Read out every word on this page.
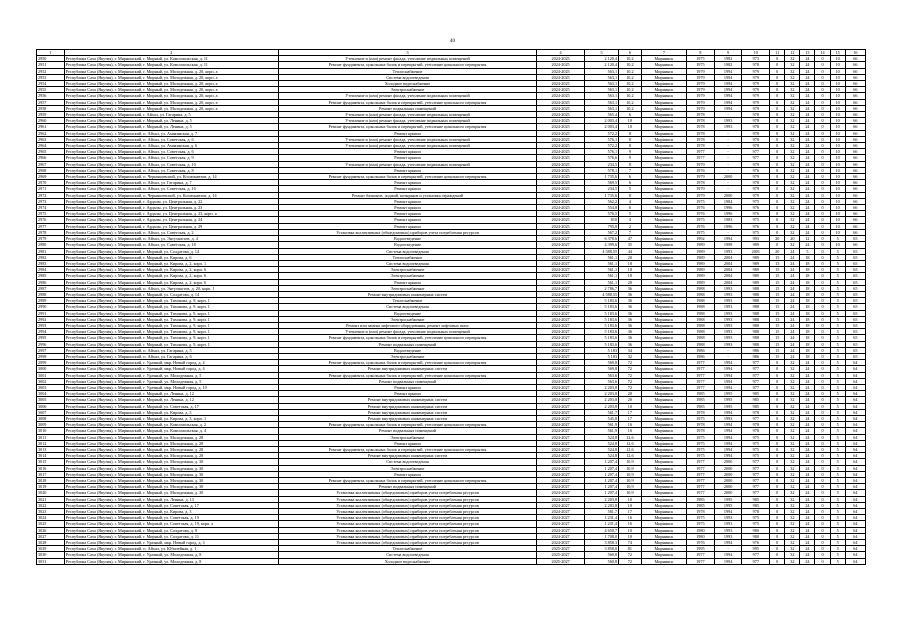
40
1	2	3	4	5	6	7	8	9	10	11	12	13	14	15	16
2950	Республика Саха (Якутия), г. Мирнинский, г. Мирный, ул. Комсомольская, д. 11	Утепление и (или) ремонт фасада, утепление подвальных помещений	2024-2025	2 120,4	10,2	Мирнинск	1975	1982	973	0	32	24	0	10	66
2951	Республика Саха (Якутия), г. Мирнинский, г. Мирный, ул. Комсомольская, д. 11	Ремонт фундамента, цокольных балок и перекрытий, утепление цокольного перекрытия	2024-2025	2 120,4	10,2	Мирнинск	1975	1982	978	0	32	24	0	10	66
2952	Республика Саха (Якутия), г. Мирнинский, г. Мирный, ул. Молодежная, д. 20, корп. а	Теплоснабжение	2024-2025	563,1	10,2	Мирнинск	1979	1994	979	0	32	24	0	10	66
2953	Республика Саха (Якутия), г. Мирнинский, г. Мирный, ул. Молодежная, д. 20, корп. а	Система водоотведения	2024-2025	563,1	10,2	Мирнинск	1979	1994	979	0	32	24	0	10	66
2954	Республика Саха (Якутия), г. Мирнинский, г. Мирный, ул. Молодежная, д. 20, корп. а	Холодное водоснабжение	2024-2025	563,1	10,2	Мирнинск	1979	1994	979	0	32	24	0	10	66
2955	Республика Саха (Якутия), г. Мирнинский, г. Мирный, ул. Молодежная, д. 20, корп. а	Электроснабжение	2024-2025	563,1	10,2	Мирнинск	1979	1994	979	0	32	24	0	10	66
2956	Республика Саха (Якутия), г. Мирнинский, г. Мирный, ул. Молодежная, д. 20, корп. а	Утепление и (или) ремонт фасада, утепление подвальных помещений	2024-2025	563,1	10,2	Мирнинск	1979	1994	979	0	32	24	0	10	66
2957	Республика Саха (Якутия), г. Мирнинский, г. Мирный, ул. Молодежная, д. 20, корп. а	Ремонт фундамента, цокольных балок и перекрытий, утепление цокольного перекрытия	2024-2025	563,1	10,2	Мирнинск	1979	1994	979	0	32	24	0	10	66
2958	Республика Саха (Якутия), г. Мирнинский, г. Мирный, ул. Молодежная, д. 20, корп. а	Ремонт подвальных помещений	2024-2025	563,1	10,2	Мирнинск	1979	1994	979	0	32	24	0	10	66
2959	Республика Саха (Якутия), г. Мирнинский, г. Айхал, ул. Гагарина, д. 5	Утепление и (или) ремонт фасада, утепление подвальных помещений	2024-2025	565,4	6	Мирнинск	1978	-	978	0	32	24	0	10	66
2960	Республика Саха (Якутия), г. Мирнинский, г. Мирный, ул. Ленина, д. 5	Утепление и (или) ремонт фасада, утепление подвальных помещений	2024-2025	2 003,4	10	Мирнинск	1978	1993	978	0	32	24	0	10	66
2961	Республика Саха (Якутия), г. Мирнинский, г. Мирный, ул. Ленина, д. 5	Ремонт фундамента, цокольных балок и перекрытий, утепление цокольного перекрытия	2024-2025	2 003,4	10	Мирнинск	1978	1993	978	0	32	24	0	10	66
2962	Республика Саха (Якутия), г. Мирнинский, п. Айхал, ул. Амакинская, д. 7	Ремонт крыши	2024-2025	572,2	8	Мирнинск	1978	-	978	0	32	24	0	10	66
2963	Республика Саха (Якутия), г. Мирнинский, п. Айхал, ул. Советская, д. 6	Утепление и (или) ремонт фасада, утепление подвальных помещений	2024-2025	576,1	8	Мирнинск	1978	-	978	0	32	24	0	10	66
2964	Республика Саха (Якутия), г. Мирнинский, п. Айхал, ул. Амакинская, д. 6	Утепление и (или) ремонт фасада, утепление подвальных помещений	2024-2025	572,2	8	Мирнинск	1978	-	978	0	32	24	0	10	66
2965	Республика Саха (Якутия), г. Мирнинский, п. Айхал, ул. Советская, д. 6	Ремонт крыши	2024-2025	576,1	9	Мирнинск	1977	-	977	0	32	24	0	10	66
2966	Республика Саха (Якутия), г. Мирнинский, п. Айхал, ул. Советская, д. 9	Ремонт крыши	2024-2025	576,6	9	Мирнинск	1977	-	977	0	32	24	0	10	66
2967	Республика Саха (Якутия), г. Мирнинский, п. Айхал, ул. Советская, д. 10	Утепление и (или) ремонт фасада, утепление подвальных помещений	2024-2025	234,5	8	Мирнинск	1979	-	979	0	32	24	0	10	66
2968	Республика Саха (Якутия), г. Мирнинский, п. Айхал, ул. Советская, д. 8	Ремонт крыши	2024-2025	578,1	7	Мирнинск	1976	-	976	0	32	24	0	10	66
2969	Республика Саха (Якутия), г. Мирнинский, п. Чернышевский, ул. Космонавтов, д. 14	Ремонт фундамента, цокольных балок и перекрытий, утепление цокольного перекрытия	2024-2025	1 735,6	6	Мирнинск	1979	2000	979	0	32	24	0	10	66
2970	Республика Саха (Якутия), г. Мирнинский, п. Айхал, ул. Гагарина, д. 7	Ремонт крыши	2024-2025	569,5	6	Мирнинск	1978	-	978	0	32	24	0	10	66
2971	Республика Саха (Якутия), г. Мирнинский, п. Айхал, ул. Советская, д. 16	Ремонт крыши	2024-2025	234,5	5	Мирнинск	1979	-	979	0	32	24	0	10	66
2972	Республика Саха (Якутия), г. Мирнинский, п. Чернышевский, ул. Космонавтов, д. 14	Ремонт балконов, лоджий, козырьков и установка ограждений	2024-2025	1 735,6	8	Мирнинск	1979	2000	979	0	32	24	0	10	66
2973	Республика Саха (Якутия), г. Мирнинский, г. Ардалы, ул. Центральная, д. 22	Ремонт крыши	2024-2025	562,2	4	Мирнинск	1975	1984	975	0	32	24	0	10	66
2974	Республика Саха (Якутия), г. Мирнинский, г. Ардалы, ул. Центральная, д. 23	Ремонт крыши	2024-2025	554,8	6	Мирнинск	1976	1996	976	0	32	24	0	10	66
2975	Республика Саха (Якутия), г. Мирнинский, г. Ардалы, ул. Центральная, д. 23, корп. а	Ремонт крыши	2024-2025	576,5	5	Мирнинск	1976	1996	976	0	32	24	0	10	66
2976	Республика Саха (Якутия), г. Мирнинский, г. Ардалы, ул. Центральная, д. 24	Ремонт крыши	2024-2025	810	4	Мирнинск	1975	1983	975	0	32	24	0	10	66
2977	Республика Саха (Якутия), г. Мирнинский, г. Ардалы, ул. Центральная, д. 29	Ремонт крыши	2024-2025	795,8	2	Мирнинск	1976	1996	976	0	32	24	0	10	66
2978	Республика Саха (Якутия), г. Мирнинский, п. Айхал, ул. Советская, д. 2	Установка коллективных (общедомовых) приборов учета потребления ресурсов	2024-2025	567,2	7	Мирнинск	1975	-	975	0	32	24	0	10	66
2979	Республика Саха (Якутия), г. Мирнинский, п. Айхал, ул. Энтузиастов, д. 4	Водоотведение	2024-2027	6 378,6	47	Мирнинск	1992	1994	993	20	20	12	0	5	65
2980	Республика Саха (Якутия), г. Мирнинский, п. Айхал, ул. Советская, д. 18	Водоотведение	2024-2027	4 399,6	35	Мирнинск	1989	1998	989	0	32	24	0	10	66
2981	Республика Саха (Якутия), г. Мирнинский, г. Мирный, ул. Солдатова, д. 14	Система водоотведения	2024-2027	4 588,55	44	Мирнинск	1989	1993	2001	20	24	5	0	5	65
2982	Республика Саха (Якутия), г. Мирнинский, г. Мирный, ул. Кирова, д. 6	Теплоснабжение	2024-2027	561,1	20	Мирнинск	1989	2004	989	15	24	18	0	5	65
2983	Республика Саха (Якутия), г. Мирнинский, г. Мирный, ул. Кирова, д. 2, корп. 1	Система водоотведения	2024-2027	561,1	18	Мирнинск	1989	2004	989	15	24	18	0	5	65
2984	Республика Саха (Якутия), г. Мирнинский, г. Мирный, ул. Кирова, д. 2, корп. 6	Электроснабжение	2024-2027	561,1	18	Мирнинск	1989	2004	989	15	24	18	0	5	65
2985	Республика Саха (Якутия), г. Мирнинский, г. Мирный, ул. Кирова, д. 2, корп. 6	Электроснабжение	2024-2027	561,1	18	Мирнинск	1989	2004	989	15	24	18	0	5	65
2986	Республика Саха (Якутия), г. Мирнинский, г. Мирный, ул. Кирова, д. 2, корп. 6	Ремонт крыши	2024-2027	561,1	20	Мирнинск	1989	2004	989	15	24	18	0	5	65
2987	Республика Саха (Якутия), г. Мирнинский, п. Айхал, ул. Энтузиастов, д. 20, корп. 1	Электроснабжение	2024-2027	2 786,7	36	Мирнинск	1988	1993	988	15	24	18	0	5	65
2988	Республика Саха (Якутия), г. Мирнинский, г. Мирный, ул. Солдатова, д. 14	Ремонт внутридомовых инженерных систем	2024-2027	4 588,55	36	Мирнинск	1988	1993	988	15	24	18	0	5	65
2989	Республика Саха (Якутия), г. Мирнинский, г. Мирный, ул. Тихонова, д. 9, корп. 1	Теплоснабжение	2024-2027	5 183,6	36	Мирнинск	1988	1993	988	15	24	18	0	5	65
2990	Республика Саха (Якутия), г. Мирнинский, г. Мирный, ул. Тихонова, д. 9, корп. 1	Система водоотведения	2024-2027	5 183,6	36	Мирнинск	1988	1993	988	15	24	18	0	5	65
2991	Республика Саха (Якутия), г. Мирнинский, г. Мирный, ул. Тихонова, д. 9, корп. 1	Водоотведение	2024-2027	5 183,6	36	Мирнинск	1988	1993	988	15	24	18	0	5	65
2992	Республика Саха (Якутия), г. Мирнинский, г. Мирный, ул. Тихонова, д. 9, корп. 1	Электроснабжение	2024-2027	5 183,6	36	Мирнинск	1988	1993	988	15	24	18	0	5	65
2993	Республика Саха (Якутия), г. Мирнинский, г. Мирный, ул. Тихонова, д. 9, корп. 1	Ремонт или замена лифтового оборудования, ремонт лифтовых шахт	2024-2027	5 183,6	36	Мирнинск	1988	1993	988	15	24	18	0	5	65
2994	Республика Саха (Якутия), г. Мирнинский, г. Мирный, ул. Тихонова, д. 9, корп. 1	Утепление и (или) ремонт фасада, утепление подвальных помещений	2024-2027	5 183,6	36	Мирнинск	1988	1993	988	15	24	18	0	5	65
2995	Республика Саха (Якутия), г. Мирнинский, г. Мирный, ул. Тихонова, д. 9, корп. 1	Ремонт фундамента, цокольных балок и перекрытий, утепление цокольного перекрытия	2024-2027	5 183,6	36	Мирнинск	1988	1993	988	15	24	18	0	5	65
2996	Республика Саха (Якутия), г. Мирнинский, г. Мирный, ул. Тихонова, д. 9, корп. 1	Ремонт подвальных помещений	2024-2027	5 183,6	36	Мирнинск	1988	1993	988	15	24	18	0	5	65
2997	Республика Саха (Якутия), г. Мирнинский, п. Айхал, ул. Гагарина, д. 5	Водоотведение	2024-2027	5 183	34	Мирнинск	1986	-	986	15	24	18	0	5	65
2998	Республика Саха (Якутия), г. Мирнинский, п. Айхал, ул. Гагарина, д. 6	Электроснабжение	2024-2027	5 183	32	Мирнинск	1986	-	986	15	24	18	0	5	65
2999	Республика Саха (Якутия), г. Мирнинский, г. Удачный, мкр. Новый город, д. 4	Ремонт фундамента, цокольных балок и перекрытий, утепление цокольного перекрытия	2024-2027	569,8	72	Мирнинск	1977	1994	977	0	32	24	0	5	64
3000	Республика Саха (Якутия), г. Мирнинский, г. Удачный, мкр. Новый город, д. 4	Ремонт внутридомовых инженерных систем	2024-2027	569,8	72	Мирнинск	1977	1994	977	0	32	24	0	5	64
3001	Республика Саха (Якутия), г. Мирнинский, г. Удачный, ул. Молодежная, д. 5	Ремонт фундамента, цокольных балок и перекрытий, утепление цокольного перекрытия	2024-2027	563,6	72	Мирнинск	1977	1994	977	0	32	24	0	5	64
3002	Республика Саха (Якутия), г. Мирнинский, г. Удачный, ул. Молодежная, д. 5	Ремонт подвальных помещений	2024-2027	563,6	72	Мирнинск	1977	1994	977	0	32	24	0	5	64
3003	Республика Саха (Якутия), г. Мирнинский, г. Удачный, мкр. Новый город, д. 10	Ремонт крыши	2024-2027	2 203,8	72	Мирнинск	1977	1994	977	0	32	24	0	5	64
3004	Республика Саха (Якутия), г. Мирнинский, г. Мирный, ул. Ленина, д. 12	Ремонт крыши	2024-2027	2 203,8	20	Мирнинск	1985	1995	985	0	32	24	0	5	64
3005	Республика Саха (Якутия), г. Мирнинский, г. Мирный, ул. Ленина, д. 12	Ремонт внутридомовых инженерных систем	2024-2027	2 203,8	20	Мирнинск	1985	1995	985	0	32	24	0	5	64
3006	Республика Саха (Якутия), г. Мирнинский, г. Мирный, ул. Советская, д. 17	Ремонт внутридомовых инженерных систем	2024-2027	2 203,8	10	Мирнинск	1985	1995	985	0	32	24	0	5	64
3007	Республика Саха (Якутия), г. Мирнинский, г. Мирный, ул. Кирова, д. 3	Ремонт внутридомовых инженерных систем	2024-2027	561,7	17	Мирнинск	1978	1994	978	0	32	24	0	5	64
3008	Республика Саха (Якутия), г. Мирнинский, г. Мирный, ул. Кирова, д. 3, корп. 1	Ремонт внутридомовых инженерных систем	2024-2027	545,8	17	Мирнинск	1975	1993	977	0	32	24	0	5	64
3009	Республика Саха (Якутия), г. Мирнинский, г. Мирный, ул. Комсомольская, д. 2	Ремонт фундамента, цокольных балок и перекрытий, утепление цокольного перекрытия	2024-2027	561,9	16	Мирнинск	1978	1994	978	0	32	24	0	5	64
3010	Республика Саха (Якутия), г. Мирнинский, г. Мирный, ул. Комсомольская, д. 4	Ремонт подвальных помещений	2024-2027	561,9	16	Мирнинск	1978	1994	978	0	32	24	0	5	64
3011	Республика Саха (Якутия), г. Мирнинский, г. Мирный, ул. Молодежная, д. 28	Электроснабжение	2024-2027	524,8	12,6	Мирнинск	1975	1994	975	0	32	24	0	5	64
3012	Республика Саха (Якутия), г. Мирнинский, г. Мирный, ул. Молодежная, д. 28	Ремонт крыши	2024-2027	524,8	12,6	Мирнинск	1975	1994	975	0	32	24	0	5	64
3013	Республика Саха (Якутия), г. Мирнинский, г. Мирный, ул. Молодежная, д. 28	Ремонт фундамента, цокольных балок и перекрытий, утепление цокольного перекрытия	2024-2027	524,8	12,6	Мирнинск	1975	1994	975	0	32	24	0	5	64
3014	Республика Саха (Якутия), г. Мирнинский, г. Мирный, ул. Молодежная, д. 28	Ремонт внутридомовых инженерных систем	2024-2027	524,8	12,6	Мирнинск	1975	1994	975	0	32	24	0	5	64
3015	Республика Саха (Якутия), г. Мирнинский, г. Мирный, ул. Молодежная, д. 30	Система водоотведения	2024-2027	1 207,4	10,9	Мирнинск	1977	2000	977	0	32	24	0	5	64
3016	Республика Саха (Якутия), г. Мирнинский, г. Мирный, ул. Молодежная, д. 30	Электроснабжение	2024-2027	1 207,4	10,9	Мирнинск	1977	2000	977	0	32	24	0	5	64
3017	Республика Саха (Якутия), г. Мирнинский, г. Мирный, ул. Молодежная, д. 30	Ремонт крыши	2024-2027	1 207,4	10,9	Мирнинск	1977	2000	977	0	32	24	0	5	64
3018	Республика Саха (Якутия), г. Мирнинский, г. Мирный, ул. Молодежная, д. 30	Ремонт фундамента, цокольных балок и перекрытий, утепление цокольного перекрытия	2024-2027	1 207,4	10,9	Мирнинск	1977	2000	977	0	32	24	0	5	64
3019	Республика Саха (Якутия), г. Мирнинский, г. Мирный, ул. Молодежная, д. 30	Ремонт подвальных помещений	2024-2027	1 207,4	10,9	Мирнинск	1977	2000	977	0	32	24	0	5	64
3020	Республика Саха (Якутия), г. Мирнинский, г. Мирный, ул. Молодежная, д. 30	Установка коллективных (общедомовых) приборов учета потребления ресурсов	2024-2027	1 207,4	10,9	Мирнинск	1977	2000	977	0	32	24	0	5	64
3021	Республика Саха (Якутия), г. Мирнинский, г. Мирный, ул. Ленина, д. 13	Установка коллективных (общедомовых) приборов учета потребления ресурсов	2024-2027	2 203,8	10	Мирнинск	1985	1995	985	0	32	24	0	5	64
3022	Республика Саха (Якутия), г. Мирнинский, г. Мирный, ул. Советская, д. 17	Установка коллективных (общедомовых) приборов учета потребления ресурсов	2024-2027	2 203,8	10	Мирнинск	1985	1995	985	0	32	24	0	5	64
3023	Республика Саха (Якутия), г. Мирнинский, г. Мирный, ул. Кирова, д. 3	Установка коллективных (общедомовых) приборов учета потребления ресурсов	2024-2027	561,7	17	Мирнинск	1978	1994	978	0	32	24	0	5	64
3024	Республика Саха (Якутия), г. Мирнинский, г. Мирный, ул. Советская, д. 19	Установка коллективных (общедомовых) приборов учета потребления ресурсов	2024-2027	1 231,4	16	Мирнинск	1975	1993	975	0	32	24	0	5	64
3025	Республика Саха (Якутия), г. Мирнинский, г. Мирный, ул. Советская, д. 19, корп. а	Установка коллективных (общедомовых) приборов учета потребления ресурсов	2024-2027	1 231,4	16	Мирнинск	1975	1993	975	0	32	24	0	5	64
3026	Республика Саха (Якутия), г. Мирнинский, г. Мирный, ул. Солдатова, д. 9	Установка коллективных (общедомовых) приборов учета потребления ресурсов	2024-2027	4 650,7	10	Мирнинск	1980	1993	980	0	32	24	0	5	64
3027	Республика Саха (Якутия), г. Мирнинский, г. Мирный, ул. Солдатова, д. 11	Установка коллективных (общедомовых) приборов учета потребления ресурсов	2024-2027	1 708,0	10	Мирнинск	1980	1993	980	0	32	24	0	5	64
3028	Республика Саха (Якутия), г. Мирнинский, г. Удачный, мкр. Новый город, д. 3	Установка коллективных (общедомовых) приборов учета потребления ресурсов	2024-2027	3 858,3	74	Мирнинск	1976	1994	976	0	32	24	0	5	64
3029	Республика Саха (Якутия), г. Мирнинский, п. Айхал, ул. Юбилейная, д. 1	Теплоснабжение	2025-2027	3 858,0	81	Мирнинск	1995	-	995	0	32	24	0	5	64
3030	Республика Саха (Якутия), г. Мирнинский, г. Удачный, ул. Молодежная, д. 8	Система водоотведения	2025-2027	560,8	72	Мирнинск	1977	1994	977	0	32	24	0	5	64
3031	Республика Саха (Якутия), г. Мирнинский, г. Удачный, ул. Молодежная, д. 8	Холодное водоснабжение	2025-2027	560,8	72	Мирнинск	1977	1994	977	0	32	24	0	5	64
